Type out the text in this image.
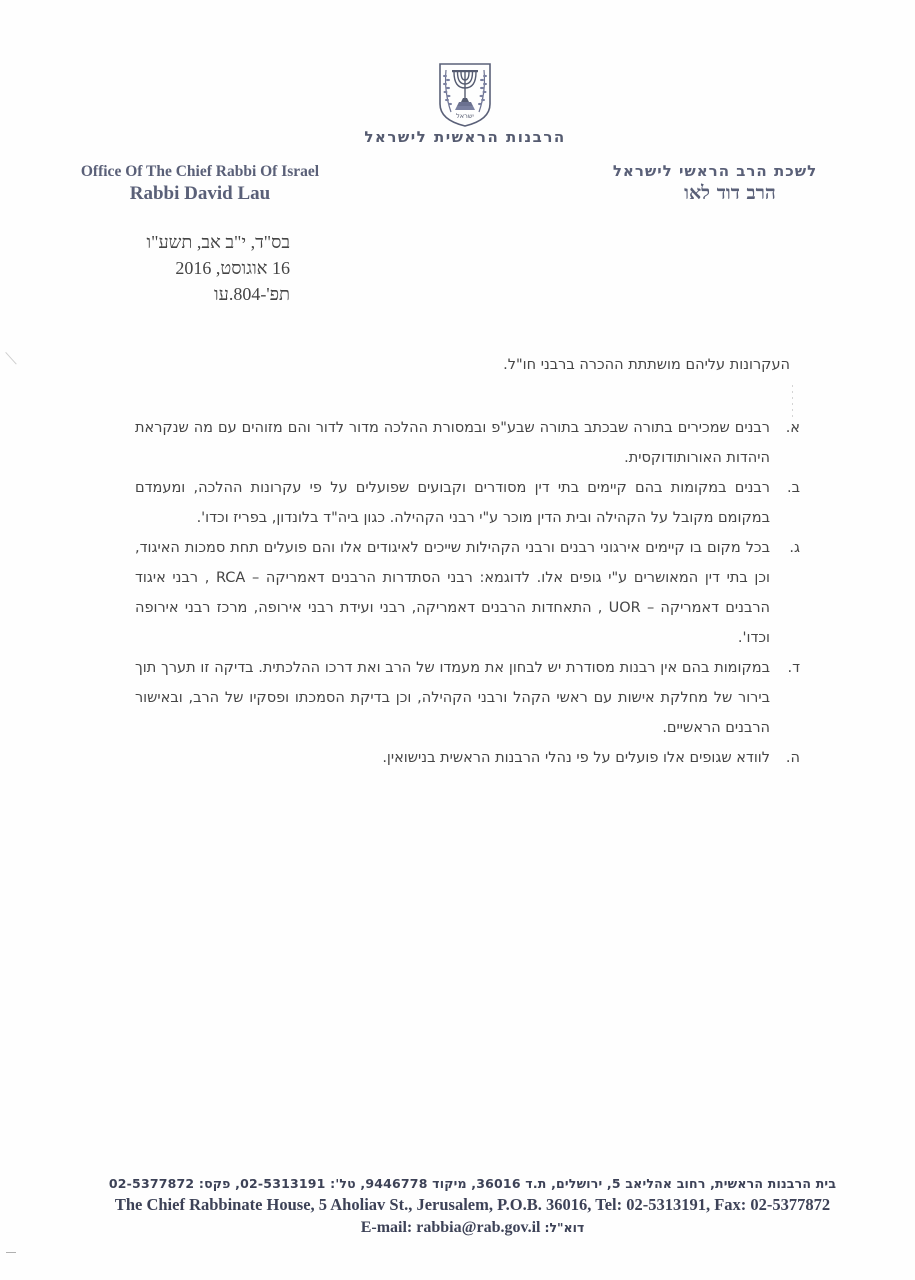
ישראל
הרבנות הראשית לישראל
Office Of The Chief Rabbi Of Israel
Rabbi David Lau
לשכת הרב הראשי לישראל
הרב דוד לאו
בס"ד, י"ב אב, תשע"ו
16 אוגוסט, 2016
תפ'-804.עו
העקרונות עליהם מושתתת ההכרה ברבני חו"ל.
א.
רבנים שמכירים בתורה שבכתב בתורה שבע"פ ובמסורת ההלכה מדור לדור והם מזוהים עם מה שנקראת היהדות האורותודוקסית.
ב.
רבנים במקומות בהם קיימים בתי דין מסודרים וקבועים שפועלים על פי עקרונות ההלכה, ומעמדם במקומם מקובל על הקהילה ובית הדין מוכר ע"י רבני הקהילה. כגון ביה"ד בלונדון, בפריז וכדו'.
ג.
בכל מקום בו קיימים אירגוני רבנים ורבני הקהילות שייכים לאיגודים אלו והם פועלים תחת סמכות האיגוד, וכן בתי דין המאושרים ע"י גופים אלו. לדוגמא: רבני הסתדרות הרבנים דאמריקה – RCA , רבני איגוד הרבנים דאמריקה – UOR , התאחדות הרבנים דאמריקה, רבני ועידת רבני אירופה, מרכז רבני אירופה וכדו'.
ד.
במקומות בהם אין רבנות מסודרת יש לבחון את מעמדו של הרב ואת דרכו ההלכתית. בדיקה זו תערך תוך בירור של מחלקת אישות עם ראשי הקהל ורבני הקהילה, וכן בדיקת הסמכתו ופסקיו של הרב, ובאישור הרבנים הראשיים.
ה.
לוודא שגופים אלו פועלים על פי נהלי הרבנות הראשית בנישואין.
בית הרבנות הראשית, רחוב אהליאב 5, ירושלים, ת.ד 36016, מיקוד 9446778, טל': 02-5313191, פקס: 02-5377872
The Chief Rabbinate House, 5 Aholiav St., Jerusalem, P.O.B. 36016, Tel: 02-5313191, Fax: 02-5377872
E-mail: rabbia@rab.gov.il דוא"ל:
